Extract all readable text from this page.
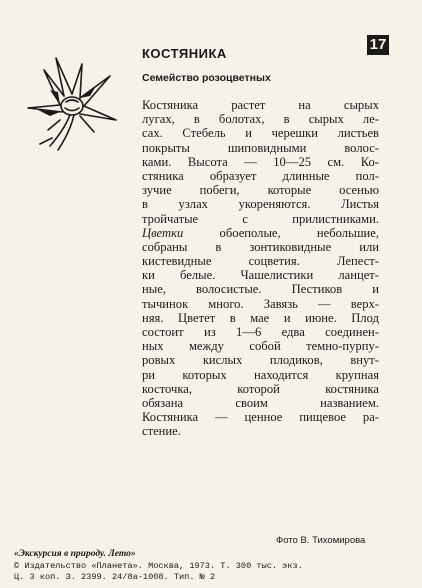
17
КОСТЯНИКА
Семейство розоцветных
Костяника растет на сырых
лугах, в болотах, в сырых ле-
сах. Стебель и черешки листьев
покрыты шиповидными волос-
ками. Высота — 10—25 см. Ко-
стяника образует длинные пол-
зучие побеги, которые осенью
в узлах укореняются. Листья
тройчатые с прилистниками.
Цветки обоеполые, небольшие,
собраны в зонтиковидные или
кистевидные соцветия. Лепест-
ки белые. Чашелистики ланцет-
ные, волосистые. Пестиков и
тычинок много. Завязь — верх-
няя. Цветет в мае и июне. Плод
состоит из 1—6 едва соединен-
ных между собой темно-пурпу-
ровых кислых плодиков, внут-
ри которых находится крупная
косточка, которой костяника
обязана своим названием.
Костяника — ценное пищевое ра-
стение.
Фото В. Тихомирова
«Экскурсия в природу. Лето»
© Издательство «Планета». Москва, 1973. Т. 300 тыс. экз.
Ц. 3 коп. З. 2399. 24/8а-1008. Тип. № 2
